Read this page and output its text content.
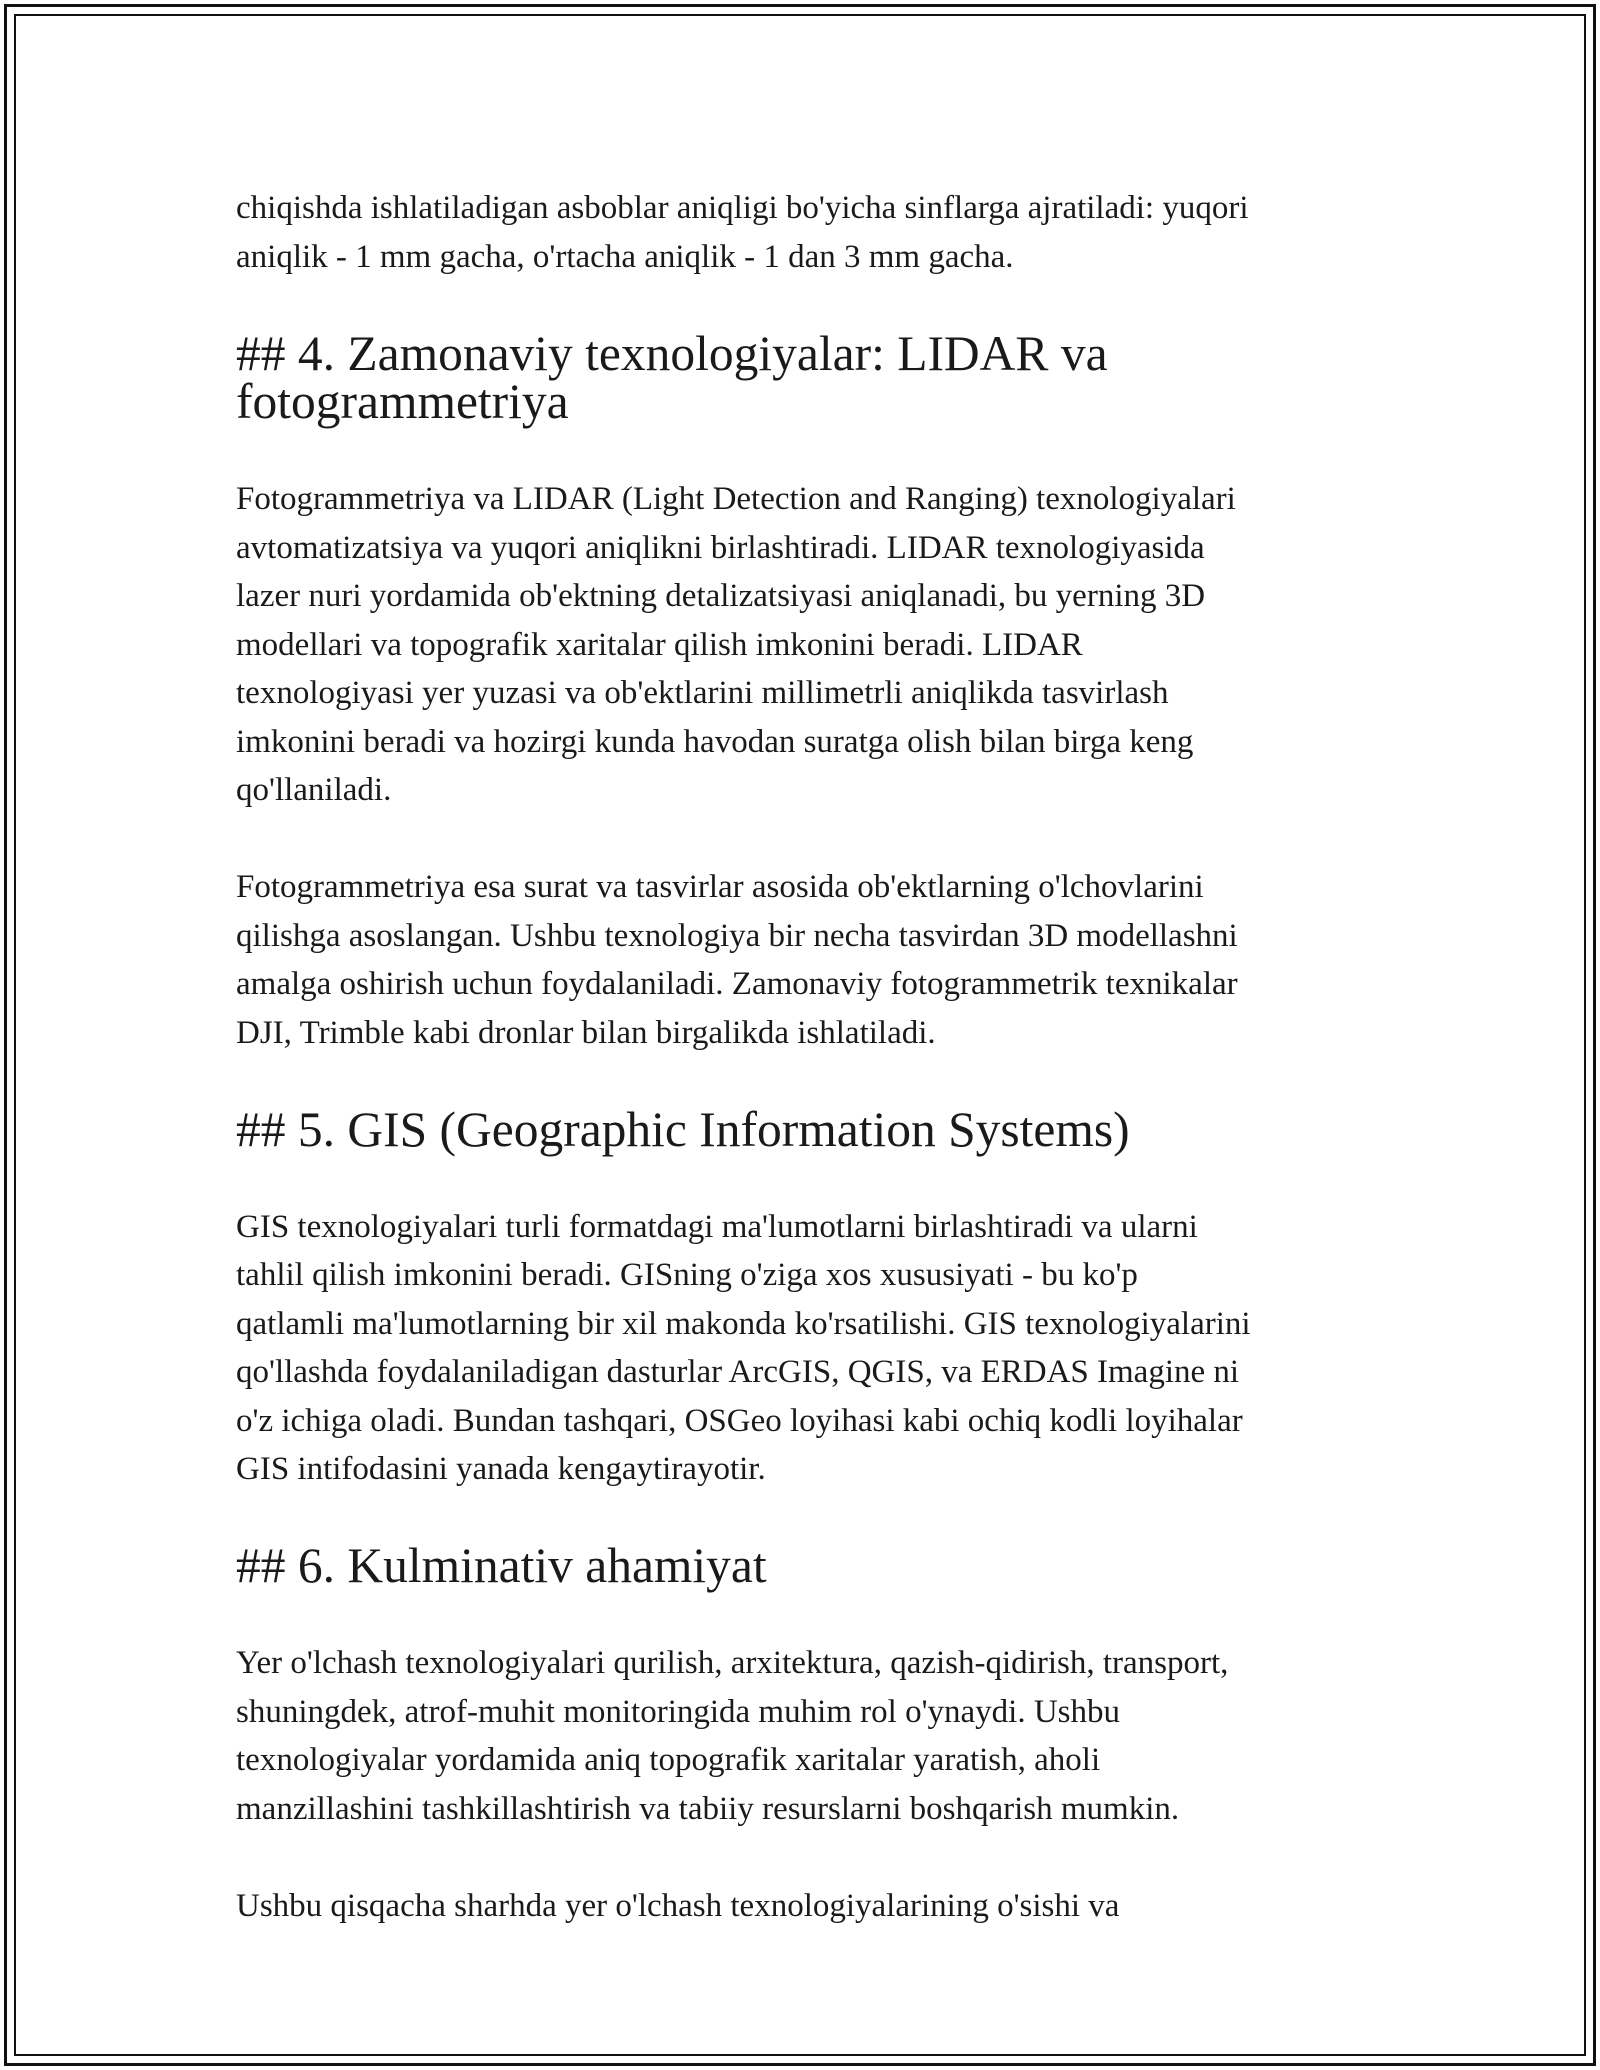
chiqishda ishlatiladigan asboblar aniqligi bo'yicha sinflarga ajratiladi: yuqori
aniqlik - 1 mm gacha, o'rtacha aniqlik - 1 dan 3 mm gacha.

## 4. Zamonaviy texnologiyalar: LIDAR va fotogrammetriya

Fotogrammetriya va LIDAR (Light Detection and Ranging) texnologiyalari
avtomatizatsiya va yuqori aniqlikni birlashtiradi. LIDAR texnologiyasida
lazer nuri yordamida ob'ektning detalizatsiyasi aniqlanadi, bu yerning 3D
modellari va topografik xaritalar qilish imkonini beradi. LIDAR
texnologiyasi yer yuzasi va ob'ektlarini millimetrli aniqlikda tasvirlash
imkonini beradi va hozirgi kunda havodan suratga olish bilan birga keng
qo'llaniladi.

Fotogrammetriya esa surat va tasvirlar asosida ob'ektlarning o'lchovlarini
qilishga asoslangan. Ushbu texnologiya bir necha tasvirdan 3D modellashni
amalga oshirish uchun foydalaniladi. Zamonaviy fotogrammetrik texnikalar
DJI, Trimble kabi dronlar bilan birgalikda ishlatiladi.

## 5. GIS (Geographic Information Systems)

GIS texnologiyalari turli formatdagi ma'lumotlarni birlashtiradi va ularni
tahlil qilish imkonini beradi. GISning o'ziga xos xususiyati - bu ko'p
qatlamli ma'lumotlarning bir xil makonda ko'rsatilishi. GIS texnologiyalarini
qo'llashda foydalaniladigan dasturlar ArcGIS, QGIS, va ERDAS Imagine ni
o'z ichiga oladi. Bundan tashqari, OSGeo loyihasi kabi ochiq kodli loyihalar
GIS intifodasini yanada kengaytirayotir.

## 6. Kulminativ ahamiyat

Yer o'lchash texnologiyalari qurilish, arxitektura, qazish-qidirish, transport,
shuningdek, atrof-muhit monitoringida muhim rol o'ynaydi. Ushbu
texnologiyalar yordamida aniq topografik xaritalar yaratish, aholi
manzillashini tashkillashtirish va tabiiy resurslarni boshqarish mumkin.

Ushbu qisqacha sharhda yer o'lchash texnologiyalarining o'sishi va
